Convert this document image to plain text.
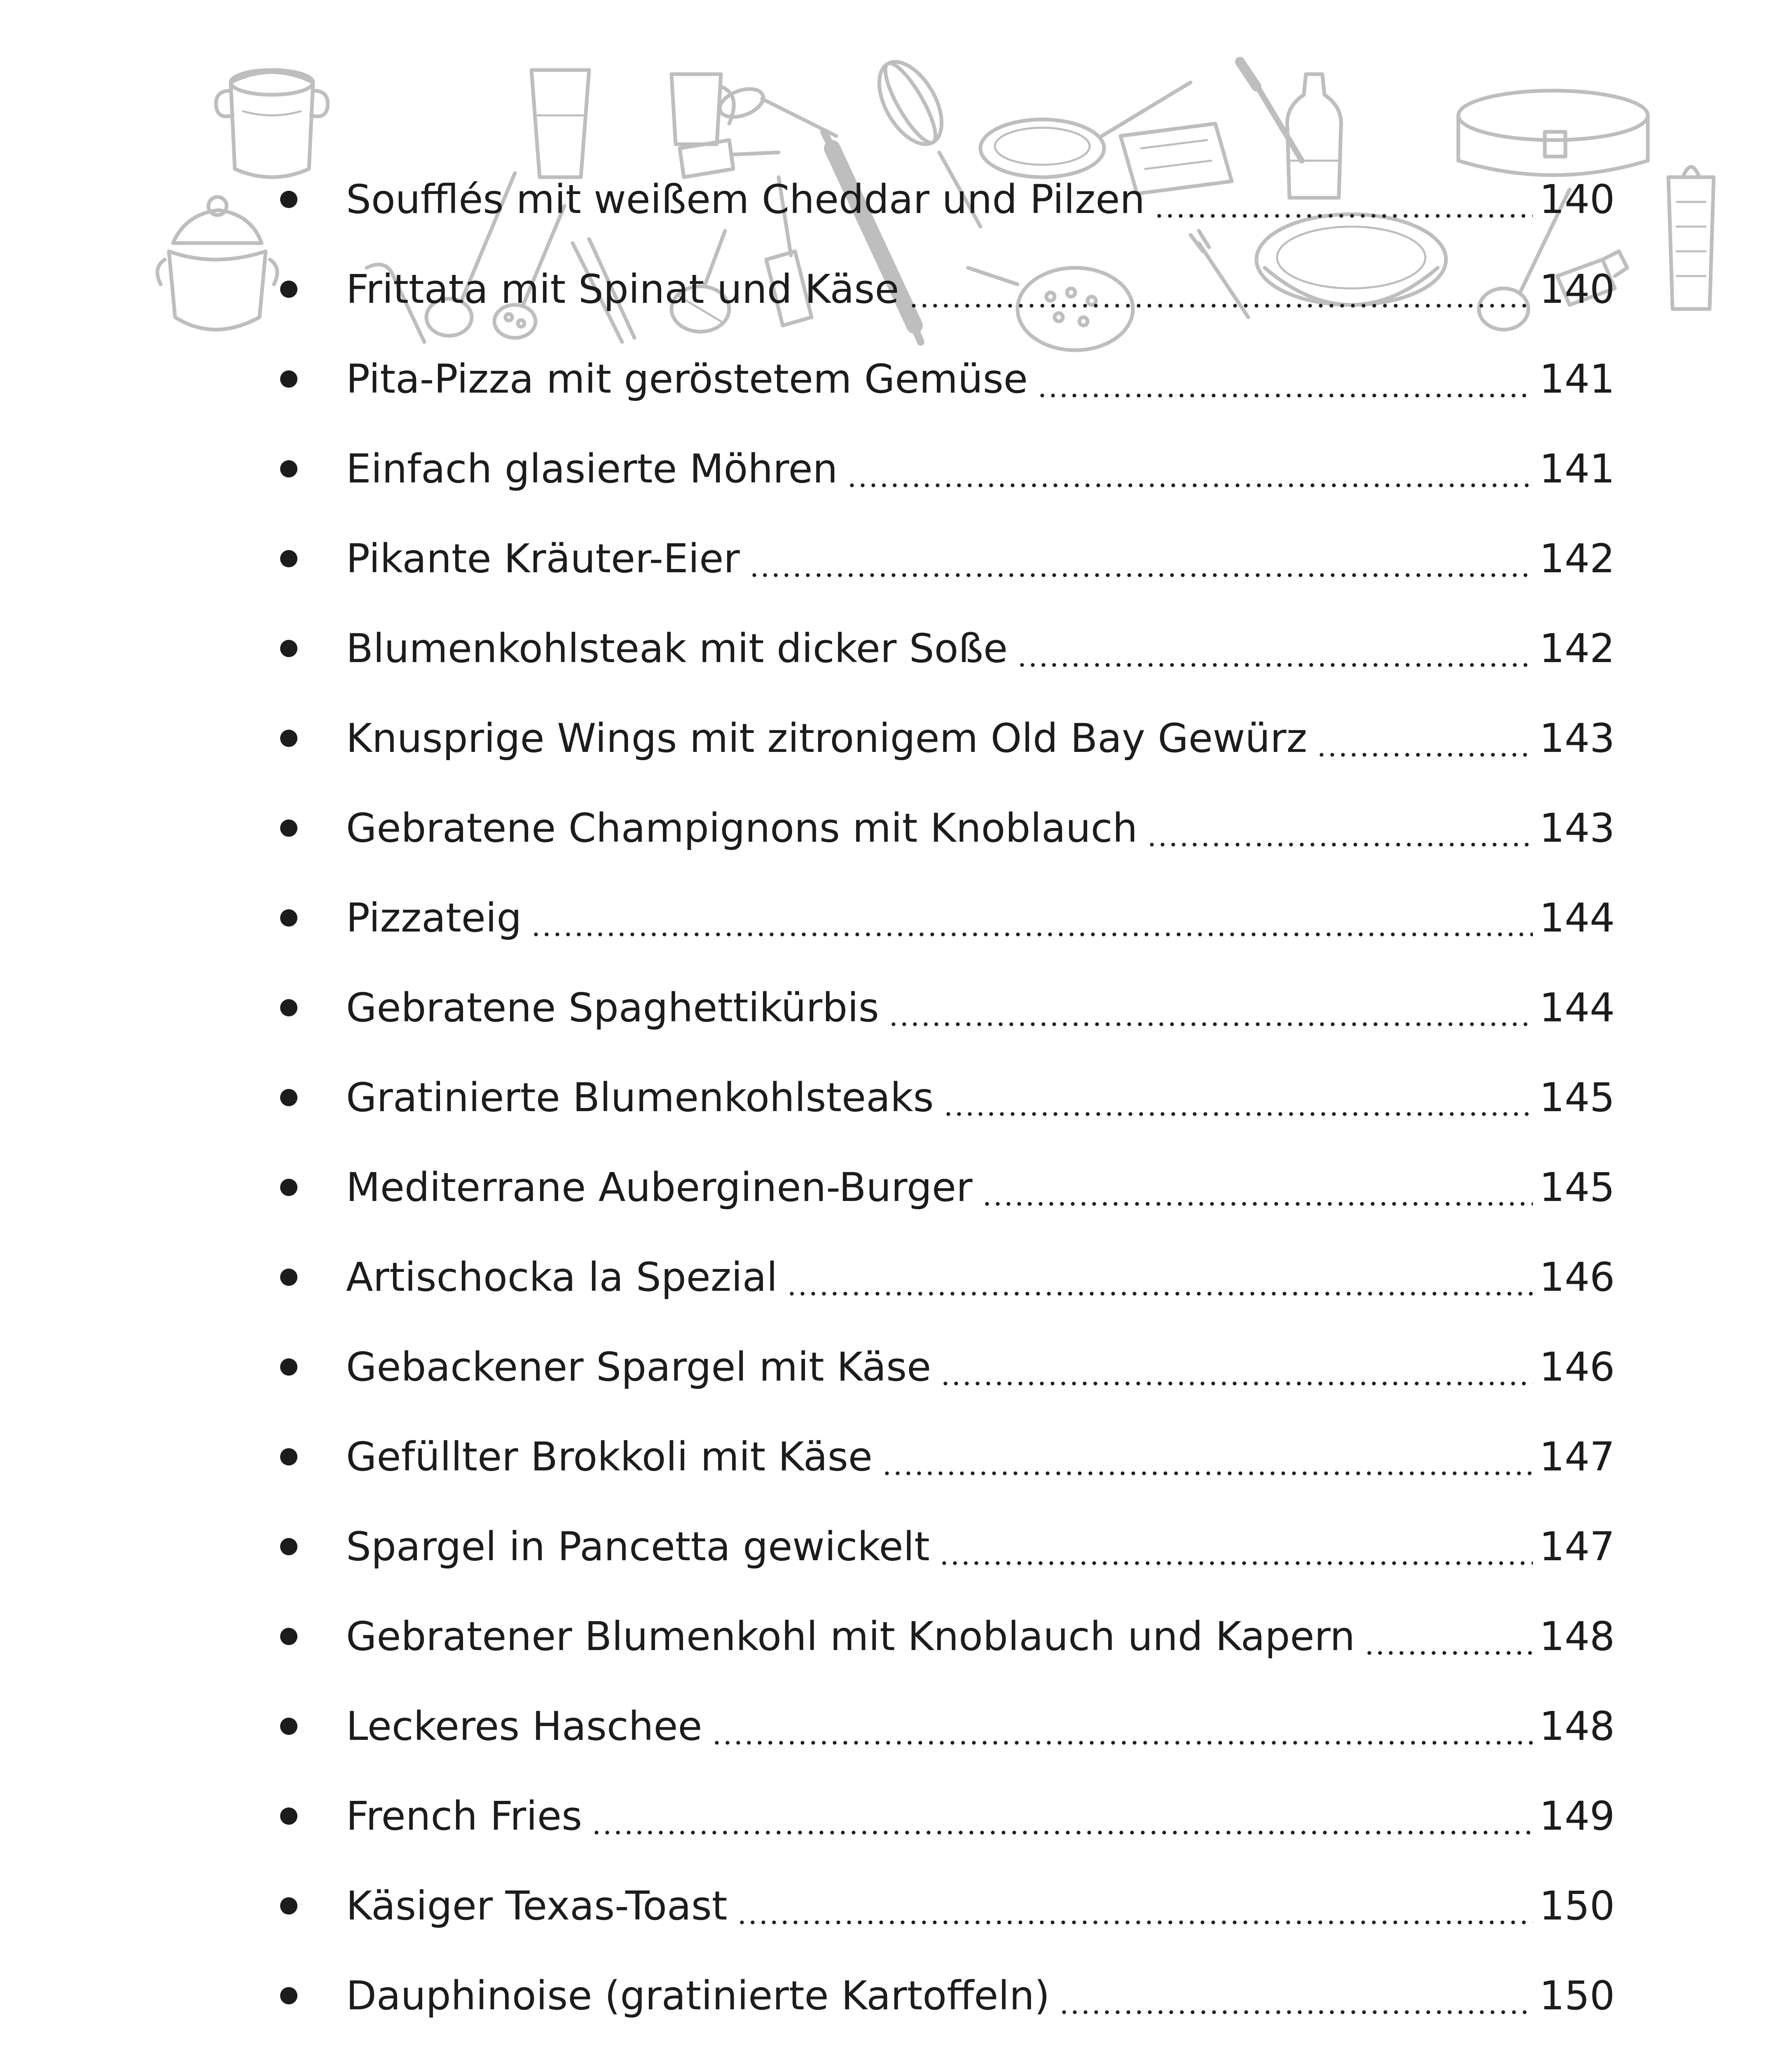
Soufflés mit weißem Cheddar und Pilzen	140
Frittata mit Spinat und Käse	140
Pita-Pizza mit geröstetem Gemüse	141
Einfach glasierte Möhren	141
Pikante Kräuter-Eier	142
Blumenkohlsteak mit dicker Soße	142
Knusprige Wings mit zitronigem Old Bay Gewürz	143
Gebratene Champignons mit Knoblauch	143
Pizzateig	144
Gebratene Spaghettikürbis	144
Gratinierte Blumenkohlsteaks	145
Mediterrane Auberginen-Burger	145
Artischocka la Spezial	146
Gebackener Spargel mit Käse	146
Gefüllter Brokkoli mit Käse	147
Spargel in Pancetta gewickelt	147
Gebratener Blumenkohl mit Knoblauch und Kapern	148
Leckeres Haschee	148
French Fries	149
Käsiger Texas-Toast	150
Dauphinoise (gratinierte Kartoffeln)	150
